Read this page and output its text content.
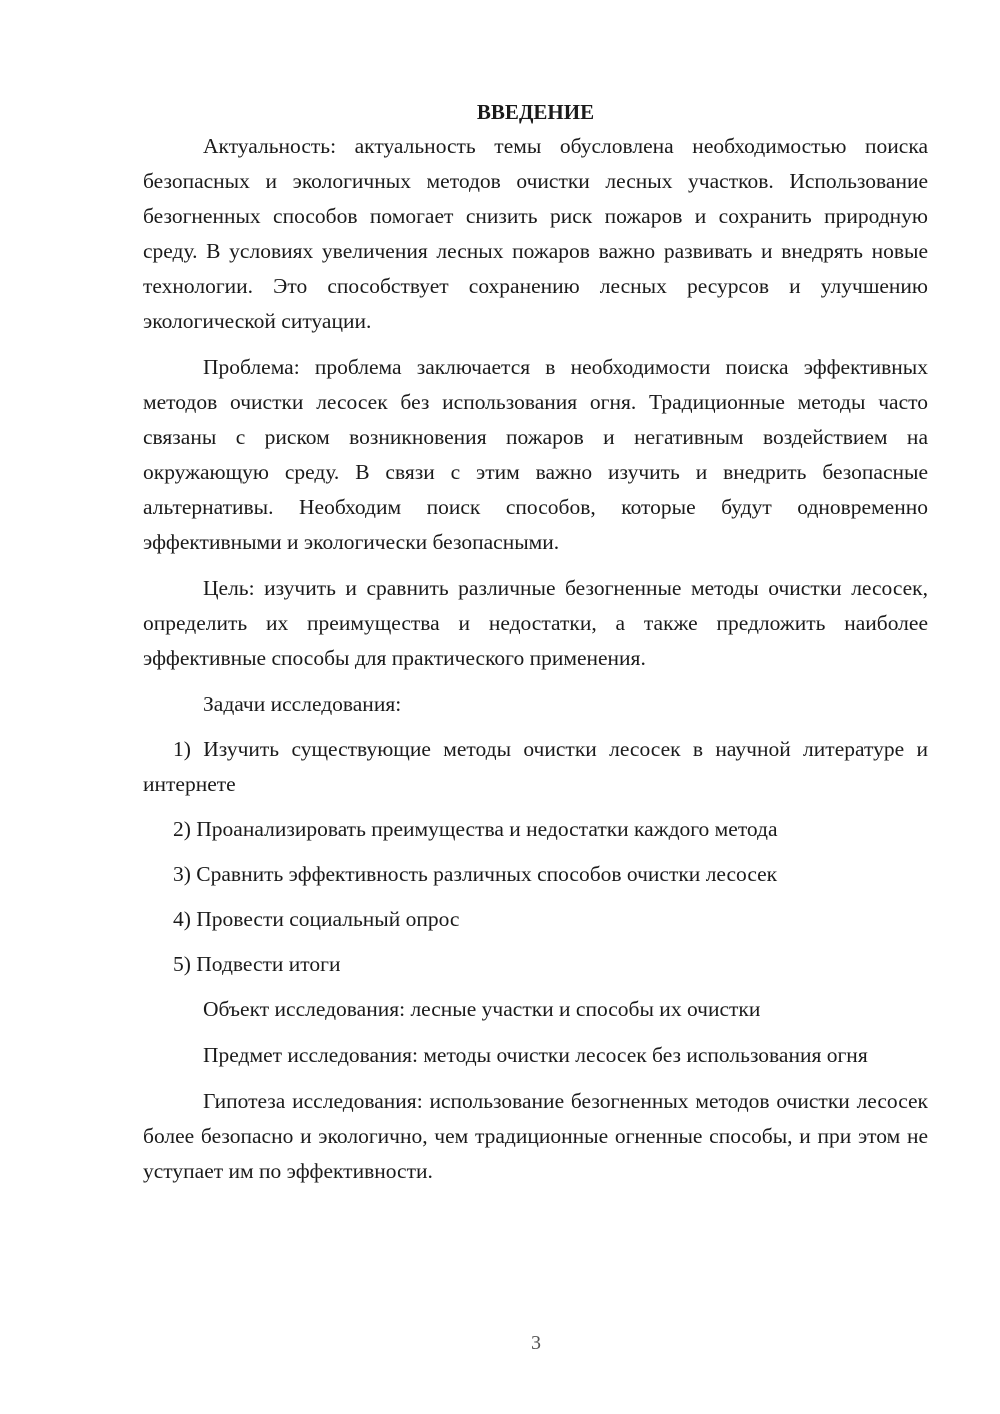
ВВЕДЕНИЕ

Актуальность: актуальность темы обусловлена необходимостью поиска безопасных и экологичных методов очистки лесных участков. Использование безогненных способов помогает снизить риск пожаров и сохранить природную среду. В условиях увеличения лесных пожаров важно развивать и внедрять новые технологии. Это способствует сохранению лесных ресурсов и улучшению экологической ситуации.

Проблема: проблема заключается в необходимости поиска эффективных методов очистки лесосек без использования огня. Традиционные методы часто связаны с риском возникновения пожаров и негативным воздействием на окружающую среду. В связи с этим важно изучить и внедрить безопасные альтернативы. Необходим поиск способов, которые будут одновременно эффективными и экологически безопасными.

Цель: изучить и сравнить различные безогненные методы очистки лесосек, определить их преимущества и недостатки, а также предложить наиболее эффективные способы для практического применения.

Задачи исследования:

1) Изучить существующие методы очистки лесосек в научной литературе и интернете

2) Проанализировать преимущества и недостатки каждого метода

3) Сравнить эффективность различных способов очистки лесосек

4) Провести социальный опрос

5) Подвести итоги

Объект исследования: лесные участки и способы их очистки

Предмет исследования: методы очистки лесосек без использования огня

Гипотеза исследования: использование безогненных методов очистки лесосек более безопасно и экологично, чем традиционные огненные способы, и при этом не уступает им по эффективности.

3
